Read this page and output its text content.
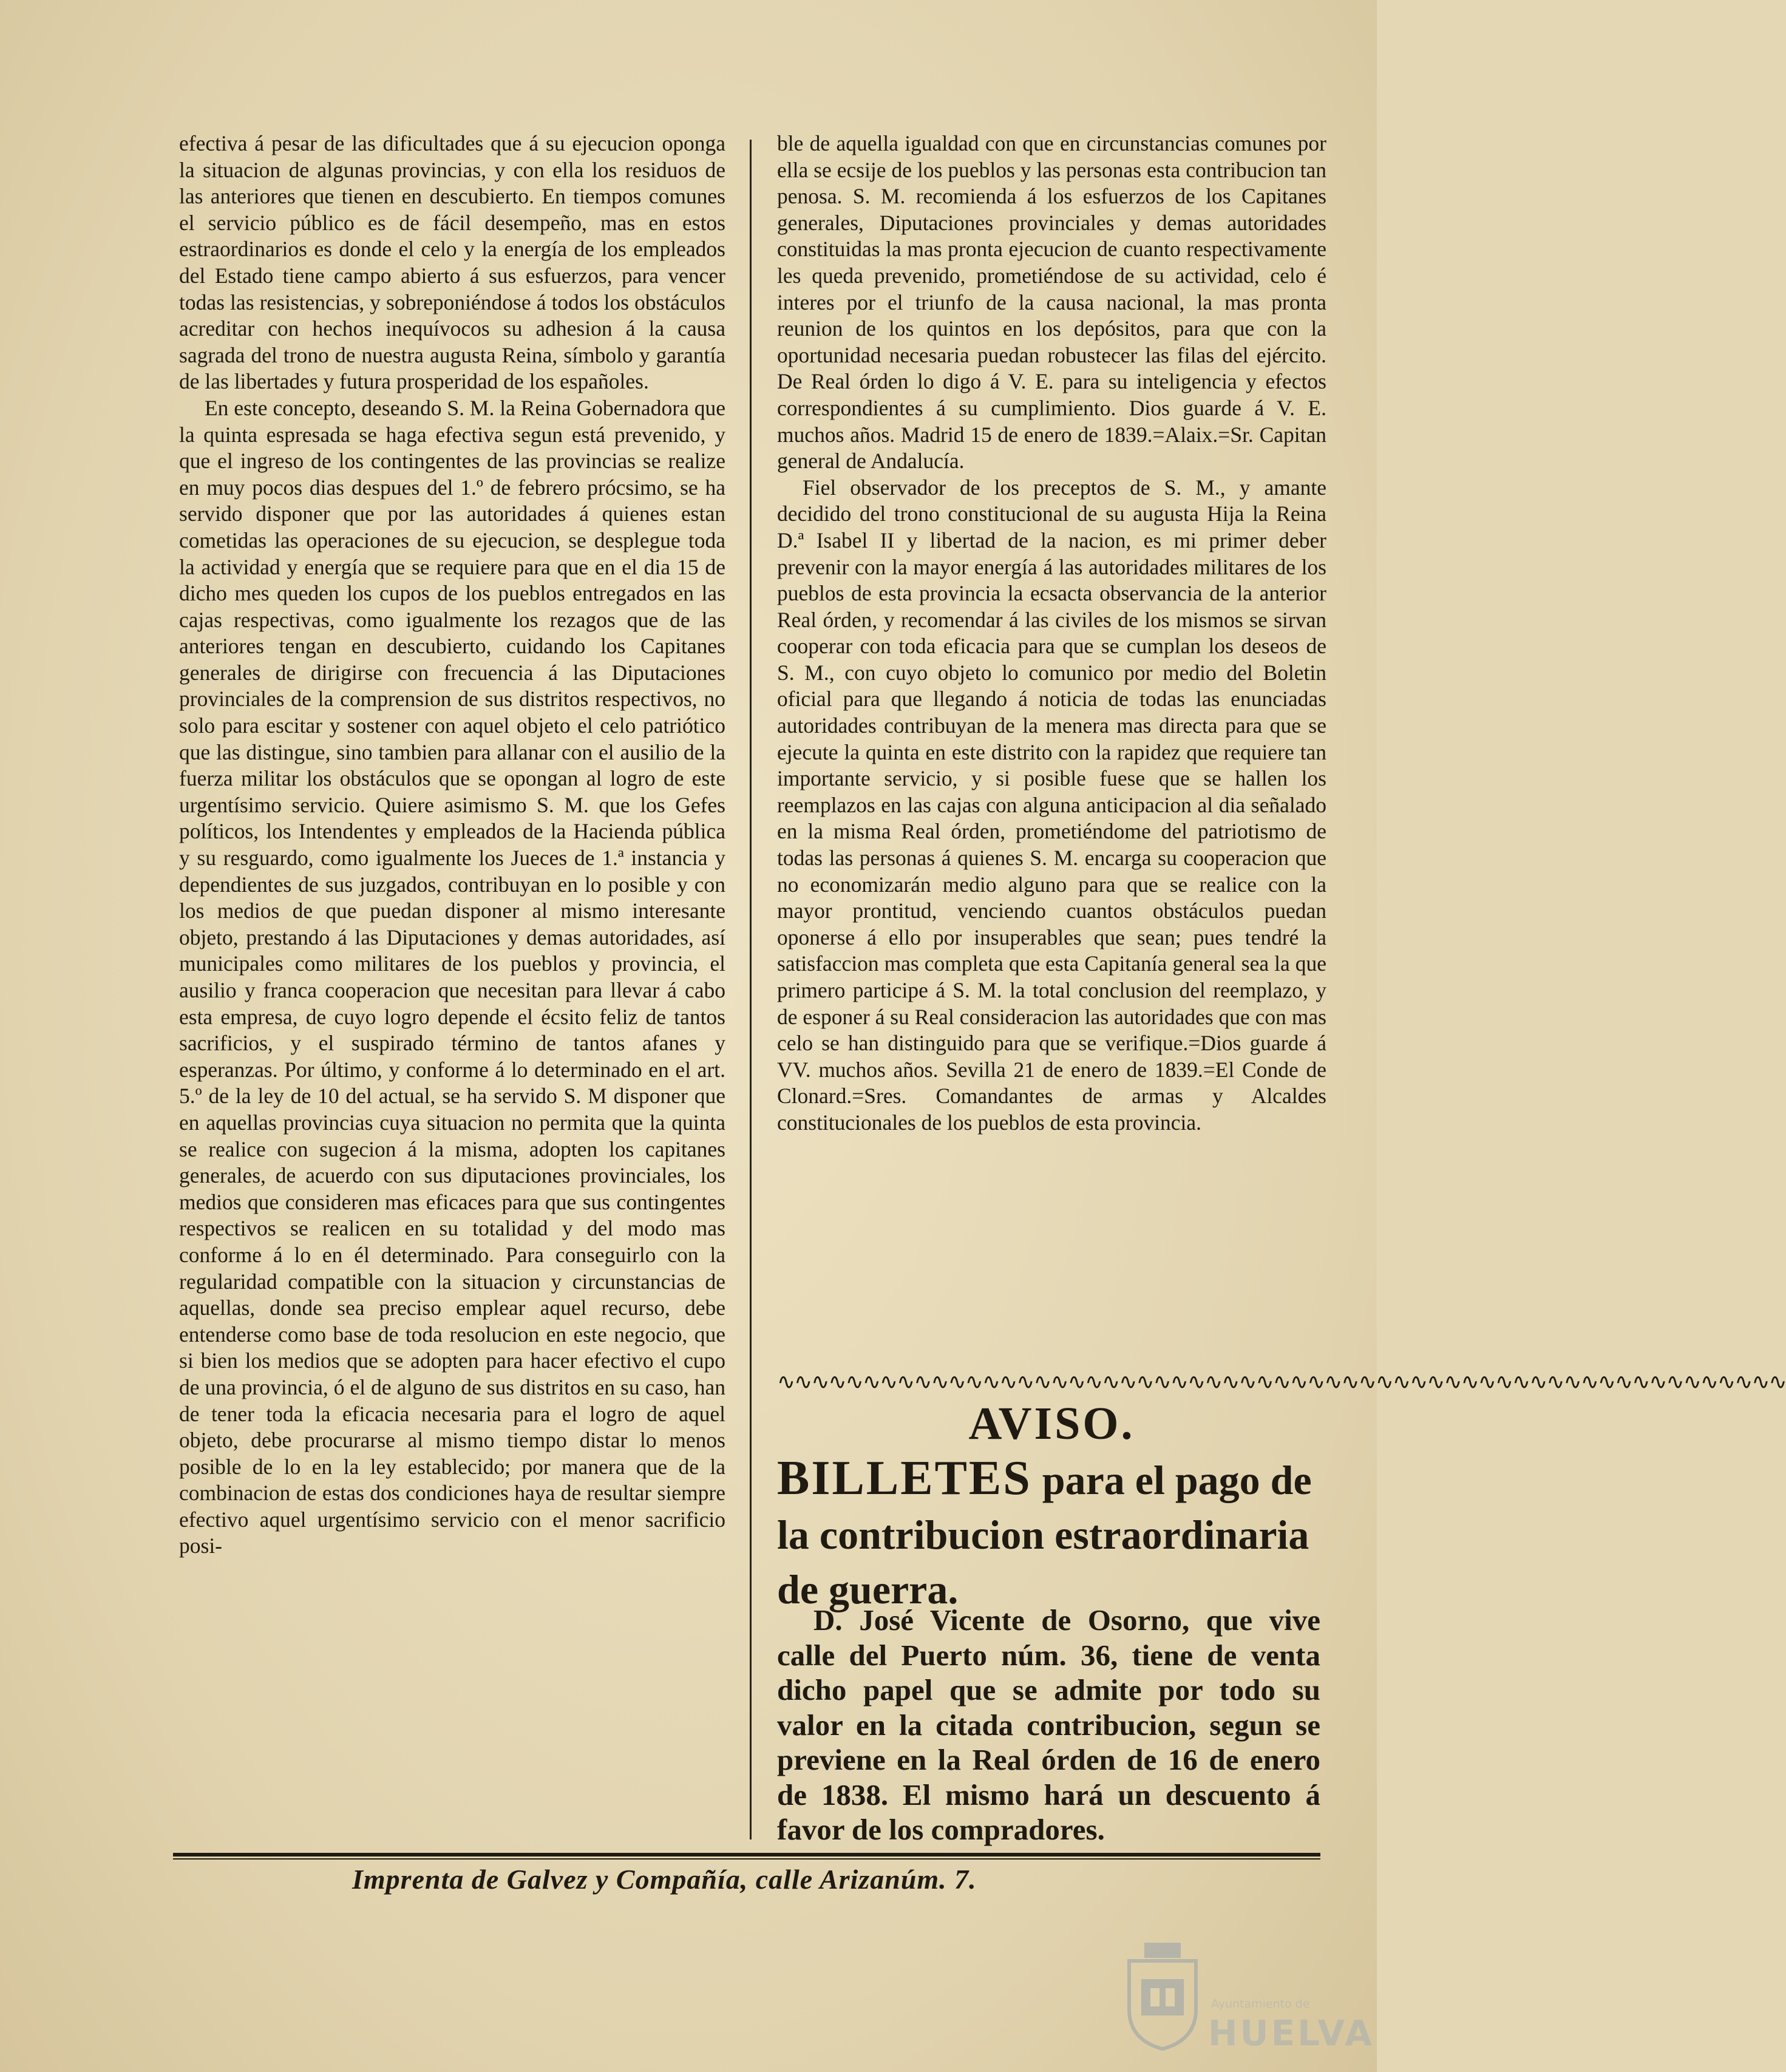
efectiva á pesar de las dificultades que á su ejecucion oponga la situacion de algunas provincias, y con ella los residuos de las anteriores que tienen en descubierto. En tiempos comunes el servicio público es de fácil desempeño, mas en estos estraordinarios es donde el celo y la energía de los empleados del Estado tiene campo abierto á sus esfuerzos, para vencer todas las resistencias, y sobreponiéndose á todos los obstáculos acreditar con hechos inequívocos su adhesion á la causa sagrada del trono de nuestra augusta Reina, símbolo y garantía de las libertades y futura prosperidad de los españoles.

En este concepto, deseando S. M. la Reina Gobernadora que la quinta espresada se haga efectiva segun está prevenido, y que el ingreso de los contingentes de las provincias se realize en muy pocos dias despues del 1.º de febrero prócsimo, se ha servido disponer que por las autoridades á quienes estan cometidas las operaciones de su ejecucion, se desplegue toda la actividad y energía que se requiere para que en el dia 15 de dicho mes queden los cupos de los pueblos entregados en las cajas respectivas, como igualmente los rezagos que de las anteriores tengan en descubierto, cuidando los Capitanes generales de dirigirse con frecuencia á las Diputaciones provinciales de la comprension de sus distritos respectivos, no solo para escitar y sostener con aquel objeto el celo patriótico que las distingue, sino tambien para allanar con el ausilio de la fuerza militar los obstáculos que se opongan al logro de este urgentísimo servicio. Quiere asimismo S. M. que los Gefes políticos, los Intendentes y empleados de la Hacienda pública y su resguardo, como igualmente los Jueces de 1.ª instancia y dependientes de sus juzgados, contribuyan en lo posible y con los medios de que puedan disponer al mismo interesante objeto, prestando á las Diputaciones y demas autoridades, así municipales como militares de los pueblos y provincia, el ausilio y franca cooperacion que necesitan para llevar á cabo esta empresa, de cuyo logro depende el écsito feliz de tantos sacrificios, y el suspirado término de tantos afanes y esperanzas. Por último, y conforme á lo determinado en el art. 5.º de la ley de 10 del actual, se ha servido S. M disponer que en aquellas provincias cuya situacion no permita que la quinta se realice con sugecion á la misma, adopten los capitanes generales, de acuerdo con sus diputaciones provinciales, los medios que consideren mas eficaces para que sus contingentes respectivos se realicen en su totalidad y del modo mas conforme á lo en él determinado. Para conseguirlo con la regularidad compatible con la situacion y circunstancias de aquellas, donde sea preciso emplear aquel recurso, debe entenderse como base de toda resolucion en este negocio, que si bien los medios que se adopten para hacer efectivo el cupo de una provincia, ó el de alguno de sus distritos en su caso, han de tener toda la eficacia necesaria para el logro de aquel objeto, debe procurarse al mismo tiempo distar lo menos posible de lo en la ley establecido; por manera que de la combinacion de estas dos condiciones haya de resultar siempre efectivo aquel urgentísimo servicio con el menor sacrificio posi-

ble de aquella igualdad con que en circunstancias comunes por ella se ecsije de los pueblos y las personas esta contribucion tan penosa. S. M. recomienda á los esfuerzos de los Capitanes generales, Diputaciones provinciales y demas autoridades constituidas la mas pronta ejecucion de cuanto respectivamente les queda prevenido, prometiéndose de su actividad, celo é interes por el triunfo de la causa nacional, la mas pronta reunion de los quintos en los depósitos, para que con la oportunidad necesaria puedan robustecer las filas del ejército. De Real órden lo digo á V. E. para su inteligencia y efectos correspondientes á su cumplimiento. Dios guarde á V. E. muchos años. Madrid 15 de enero de 1839.=Alaix.=Sr. Capitan general de Andalucía.

Fiel observador de los preceptos de S. M., y amante decidido del trono constitucional de su augusta Hija la Reina D.ª Isabel II y libertad de la nacion, es mi primer deber prevenir con la mayor energía á las autoridades militares de los pueblos de esta provincia la ecsacta observancia de la anterior Real órden, y recomendar á las civiles de los mismos se sirvan cooperar con toda eficacia para que se cumplan los deseos de S. M., con cuyo objeto lo comunico por medio del Boletin oficial para que llegando á noticia de todas las enunciadas autoridades contribuyan de la menera mas directa para que se ejecute la quinta en este distrito con la rapidez que requiere tan importante servicio, y si posible fuese que se hallen los reemplazos en las cajas con alguna anticipacion al dia señalado en la misma Real órden, prometiéndome del patriotismo de todas las personas á quienes S. M. encarga su cooperacion que no economizarán medio alguno para que se realice con la mayor prontitud, venciendo cuantos obstáculos puedan oponerse á ello por insuperables que sean; pues tendré la satisfaccion mas completa que esta Capitanía general sea la que primero participe á S. M. la total conclusion del reemplazo, y de esponer á su Real consideracion las autoridades que con mas celo se han distinguido para que se verifique.=Dios guarde á VV. muchos años. Sevilla 21 de enero de 1839.=El Conde de Clonard.=Sres. Comandantes de armas y Alcaldes constitucionales de los pueblos de esta provincia.

∿∿∿∿∿∿∿∿∿∿∿∿∿∿∿∿∿∿∿∿∿∿∿∿∿∿∿∿∿∿∿∿∿∿∿∿∿∿∿∿∿∿∿∿∿∿∿∿∿∿∿∿∿∿∿∿∿∿∿
AVISO.
BILLETES para el pago de la contribucion estraordinaria de guerra.

D. José Vicente de Osorno, que vive calle del Puerto núm. 36, tiene de venta dicho papel que se admite por todo su valor en la citada contribucion, segun se previene en la Real órden de 16 de enero de 1838. El mismo hará un descuento á favor de los compradores.

Imprenta de Galvez y Compañía, calle Arizanúm. 7.
Ayuntamiento de
HUELVA
